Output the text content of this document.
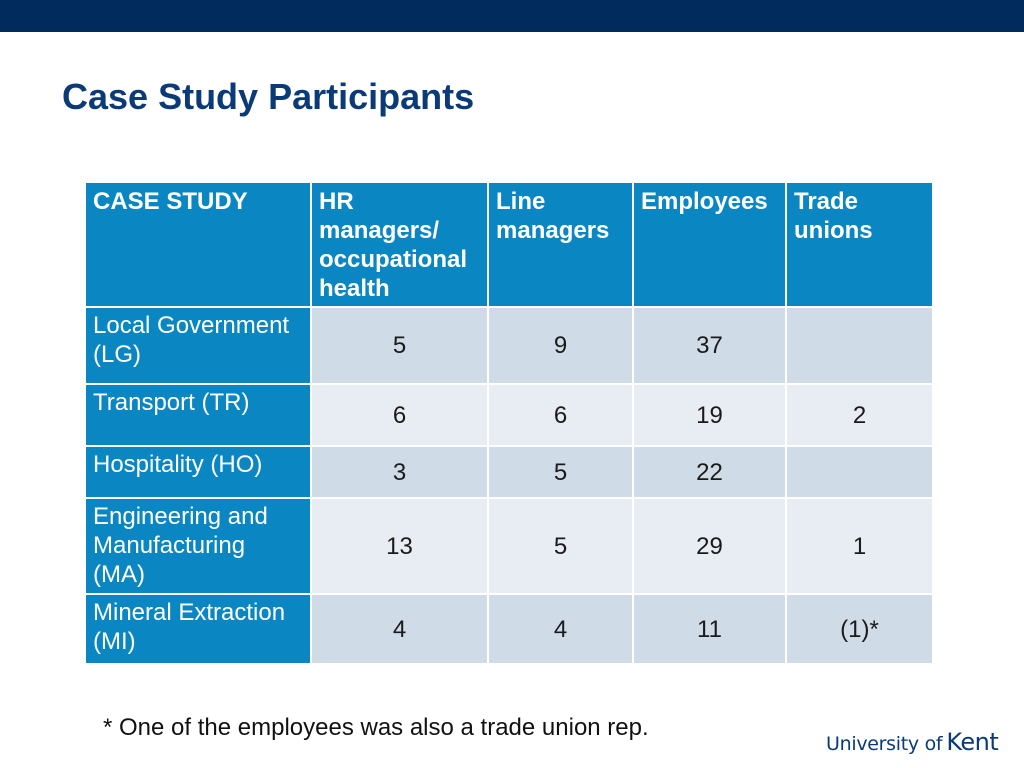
Case Study Participants
CASE STUDY	HR managers/ occupational health	Line managers	Employees	Trade unions
Local Government (LG)	5	9	37	
Transport (TR)	6	6	19	2
Hospitality (HO)	3	5	22	
Engineering and Manufacturing (MA)	13	5	29	1
Mineral Extraction (MI)	4	4	11	(1)*
* One of the employees was also a trade union rep.
University of Kent
